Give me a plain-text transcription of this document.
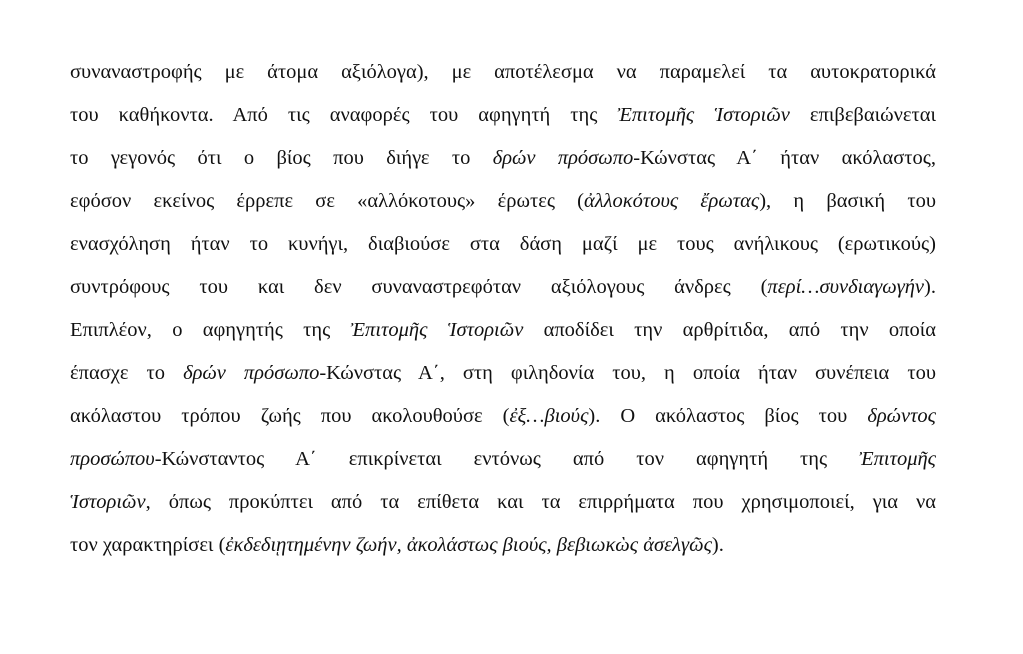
συναναστροφής με άτομα αξιόλογα), με αποτέλεσμα να παραμελεί τα αυτοκρατορικά
του καθήκοντα. Από τις αναφορές του αφηγητή της Ἐπιτομῆς Ἱστοριῶν επιβεβαιώνεται
το γεγονός ότι ο βίος που διήγε το δρών πρόσωπο-Κώνστας Α΄ ήταν ακόλαστος,
εφόσον εκείνος έρρεπε σε «αλλόκοτους» έρωτες (ἀλλοκότους ἔρωτας), η βασική του
ενασχόληση ήταν το κυνήγι, διαβιούσε στα δάση μαζί με τους ανήλικους (ερωτικούς)
συντρόφους του και δεν συναναστρεφόταν αξιόλογους άνδρες (περί…συνδιαγωγήν).
Επιπλέον, ο αφηγητής της Ἐπιτομῆς Ἱστοριῶν αποδίδει την αρθρίτιδα, από την οποία
έπασχε το δρών πρόσωπο-Κώνστας Α΄, στη φιληδονία του, η οποία ήταν συνέπεια του
ακόλαστου τρόπου ζωής που ακολουθούσε (ἐξ…βιούς). Ο ακόλαστος βίος του δρώντος
προσώπου-Κώνσταντος Α΄ επικρίνεται εντόνως από τον αφηγητή της Ἐπιτομῆς
Ἱστοριῶν, όπως προκύπτει από τα επίθετα και τα επιρρήματα που χρησιμοποιεί, για να
τον χαρακτηρίσει (ἐκδεδιῃτημένην ζωήν, ἀκολάστως βιούς, βεβιωκὼς ἀσελγῶς).
